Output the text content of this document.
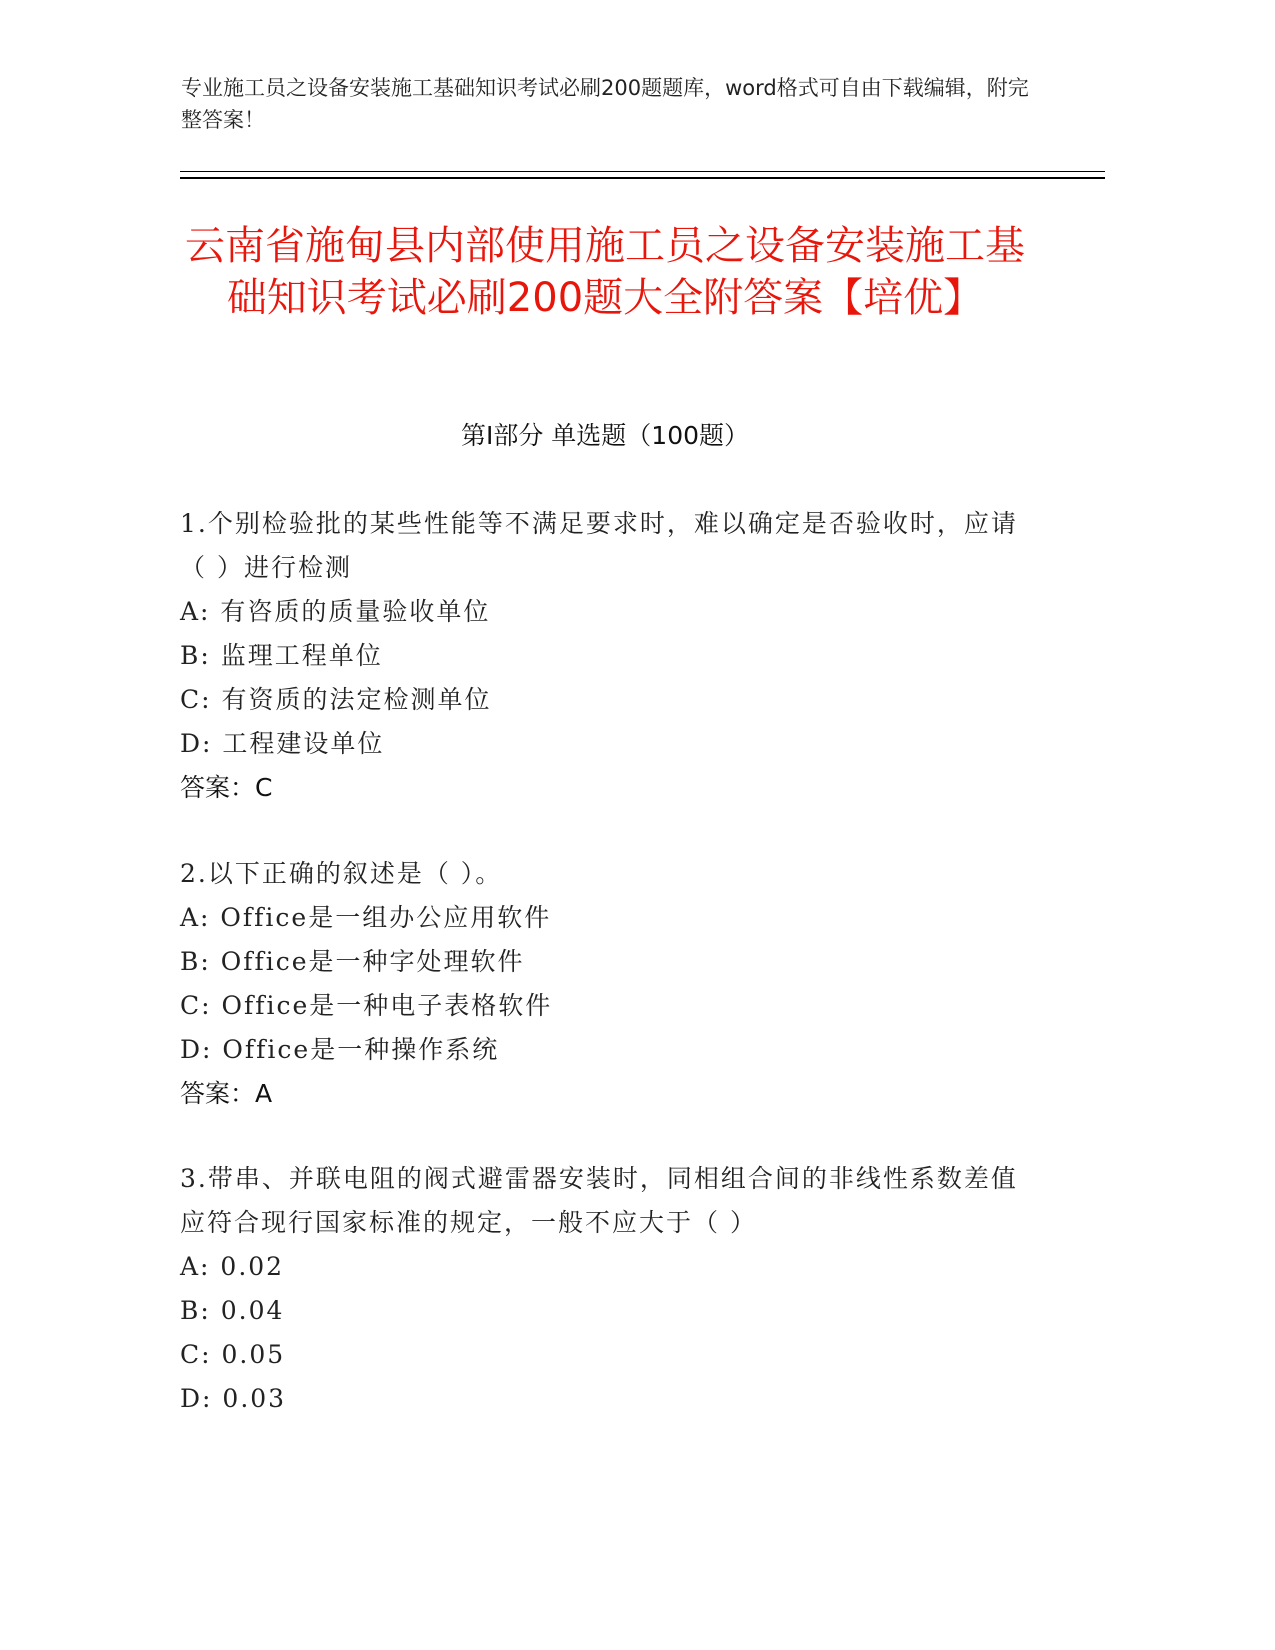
专业施工员之设备安装施工基础知识考试必刷200题题库，word格式可自由下载编辑，附完整答案！
云南省施甸县内部使用施工员之设备安装施工基础知识考试必刷200题大全附答案【培优】
第I部分 单选题（100题）
1.个别检验批的某些性能等不满足要求时，难以确定是否验收时，应请（ ）进行检测
A: 有咨质的质量验收单位
B: 监理工程单位
C: 有资质的法定检测单位
D: 工程建设单位
答案：C
2.以下正确的叙述是（ ）。
A: Office是一组办公应用软件
B: Office是一种字处理软件
C: Office是一种电子表格软件
D: Office是一种操作系统
答案：A
3.带串、并联电阻的阀式避雷器安装时，同相组合间的非线性系数差值应符合现行国家标准的规定，一般不应大于（ ）
A: 0.02
B: 0.04
C: 0.05
D: 0.03
